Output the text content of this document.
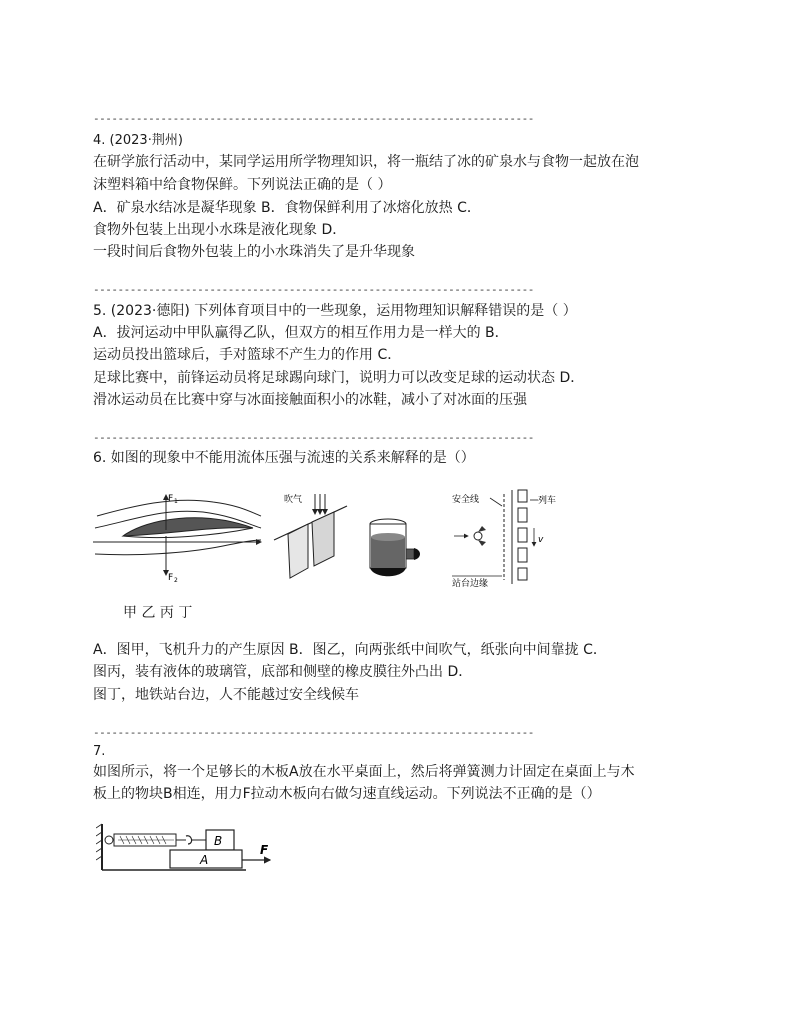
------------------------------------------------------------------------
4. (2023·荆州)
在研学旅行活动中，某同学运用所学物理知识，将一瓶结了冰的矿泉水与食物一起放在泡
沫塑料箱中给食物保鲜。下列说法正确的是（ ）
A．矿泉水结冰是凝华现象 B．食物保鲜利用了冰熔化放热 C．
食物外包装上出现小水珠是液化现象 D．
一段时间后食物外包装上的小水珠消失了是升华现象
------------------------------------------------------------------------
5. (2023·德阳) 下列体育项目中的一些现象，运用物理知识解释错误的是（ ）
A．拔河运动中甲队赢得乙队，但双方的相互作用力是一样大的 B．
运动员投出篮球后，手对篮球不产生力的作用 C．
足球比赛中，前锋运动员将足球踢向球门，说明力可以改变足球的运动状态 D．
滑冰运动员在比赛中穿与冰面接触面积小的冰鞋，减小了对冰面的压强
------------------------------------------------------------------------
6. 如图的现象中不能用流体压强与流速的关系来解释的是（）
F 1
F 2
吹气	安全线	列车
v
站台边缘
甲 乙 丙 丁
A．图甲，飞机升力的产生原因 B．图乙，向两张纸中间吹气，纸张向中间靠拢 C．
图丙，装有液体的玻璃管，底部和侧壁的橡皮膜往外凸出 D．
图丁，地铁站台边，人不能越过安全线候车
------------------------------------------------------------------------
7.
如图所示，将一个足够长的木板A放在水平桌面上，然后将弹簧测力计固定在桌面上与木
板上的物块B相连，用力F拉动木板向右做匀速直线运动。下列说法不正确的是（）
B
A
F
